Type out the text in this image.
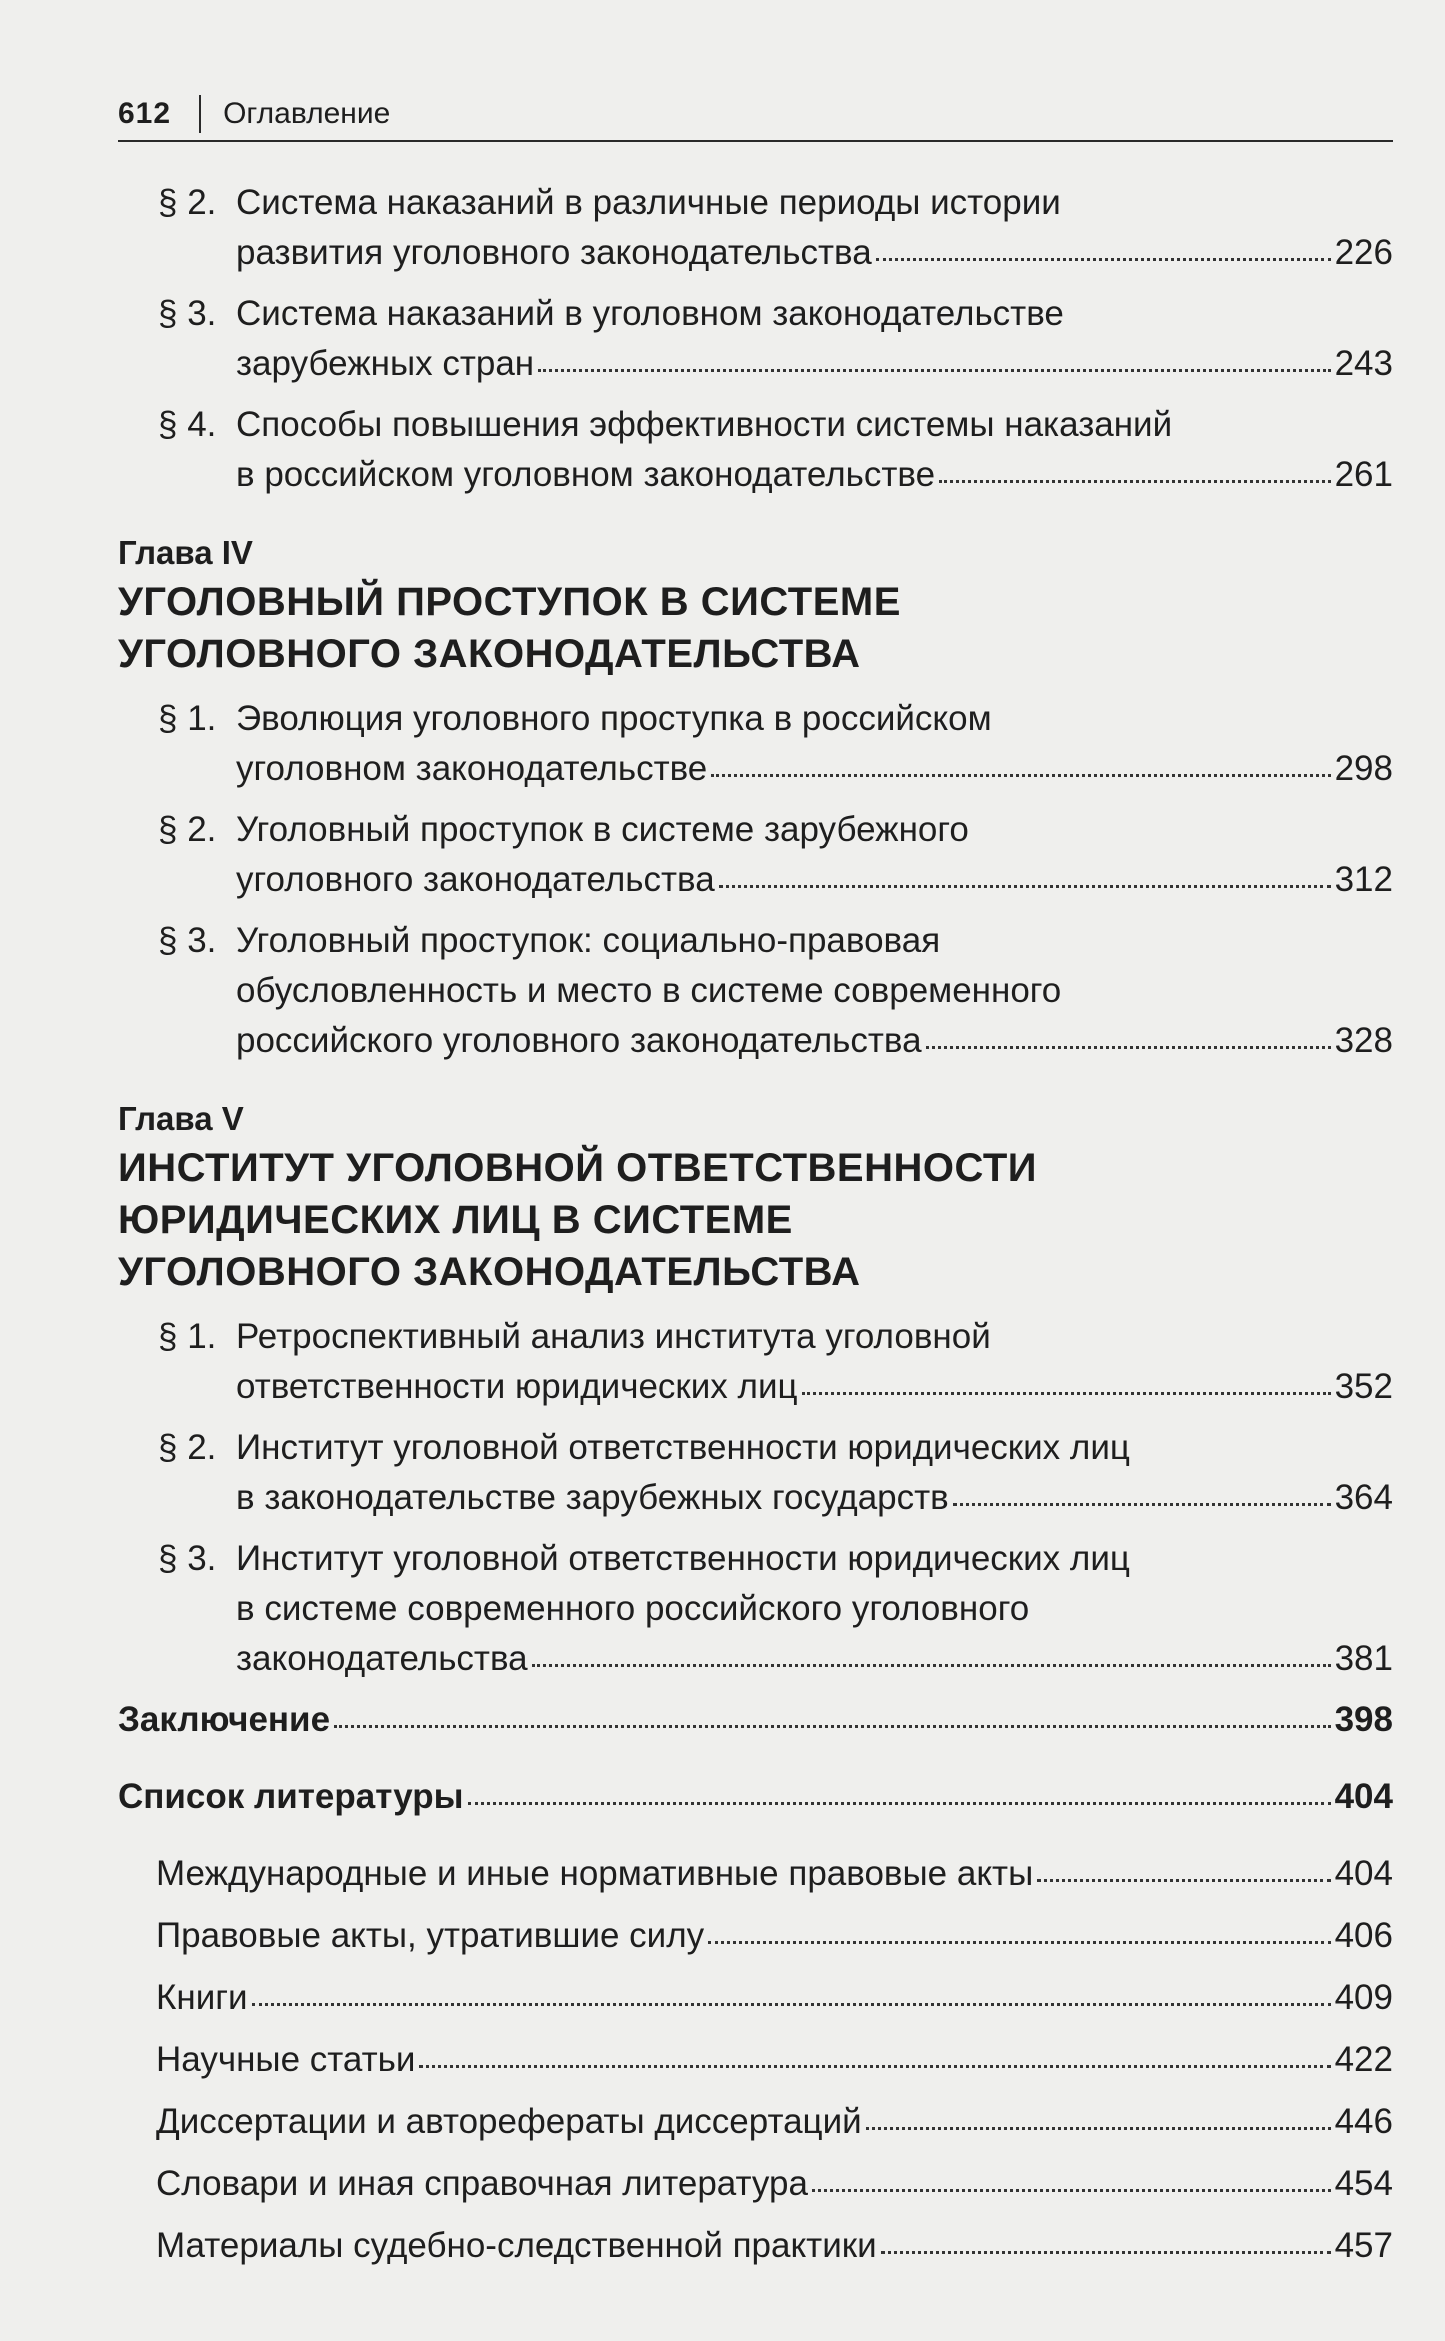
612 Оглавление
§ 2. Система наказаний в различные периоды истории
развития уголовного законодательства	226
§ 3. Система наказаний в уголовном законодательстве
зарубежных стран	243
§ 4. Способы повышения эффективности системы наказаний
в российском уголовном законодательстве	261
Глава IV
УГОЛОВНЫЙ ПРОСТУПОК В СИСТЕМЕ
УГОЛОВНОГО ЗАКОНОДАТЕЛЬСТВА
§ 1. Эволюция уголовного проступка в российском
уголовном законодательстве	298
§ 2. Уголовный проступок в системе зарубежного
уголовного законодательства	312
§ 3. Уголовный проступок: социально-правовая
обусловленность и место в системе современного
российского уголовного законодательства	328
Глава V
ИНСТИТУТ УГОЛОВНОЙ ОТВЕТСТВЕННОСТИ
ЮРИДИЧЕСКИХ ЛИЦ В СИСТЕМЕ
УГОЛОВНОГО ЗАКОНОДАТЕЛЬСТВА
§ 1. Ретроспективный анализ института уголовной
ответственности юридических лиц	352
§ 2. Институт уголовной ответственности юридических лиц
в законодательстве зарубежных государств	364
§ 3. Институт уголовной ответственности юридических лиц
в системе современного российского уголовного
законодательства	381
Заключение	398
Список литературы	404
Международные и иные нормативные правовые акты	404
Правовые акты, утратившие силу	406
Книги	409
Научные статьи	422
Диссертации и авторефераты диссертаций	446
Словари и иная справочная литература	454
Материалы судебно-следственной практики	457
